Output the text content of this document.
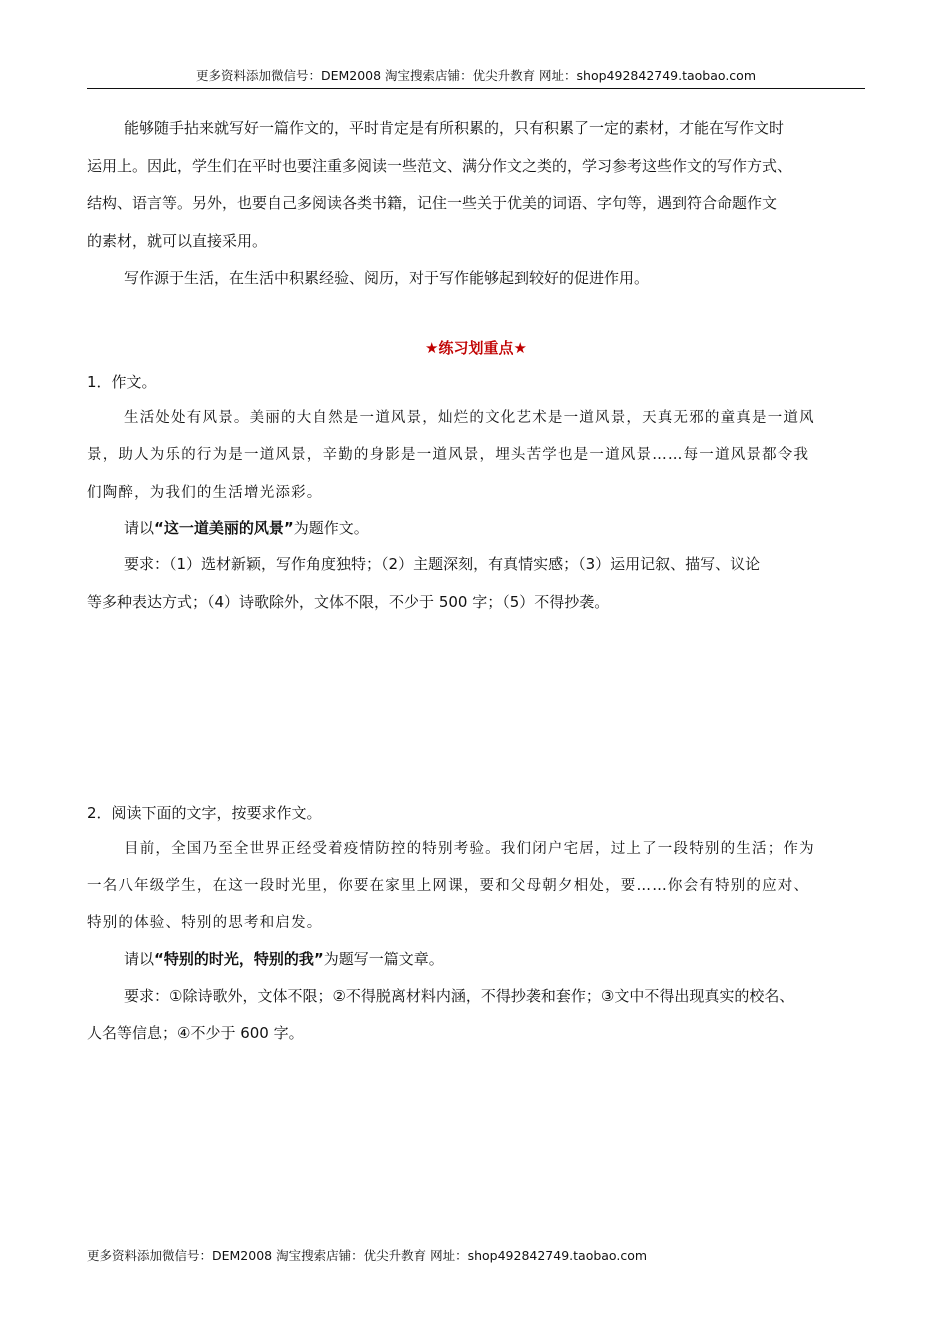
更多资料添加微信号：DEM2008 淘宝搜索店铺：优尖升教育 网址：shop492842749.taobao.com
能够随手拈来就写好一篇作文的，平时肯定是有所积累的，只有积累了一定的素材，才能在写作文时
运用上。因此，学生们在平时也要注重多阅读一些范文、满分作文之类的，学习参考这些作文的写作方式、
结构、语言等。另外，也要自己多阅读各类书籍，记住一些关于优美的词语、字句等，遇到符合命题作文
的素材，就可以直接采用。
写作源于生活，在生活中积累经验、阅历，对于写作能够起到较好的促进作用。
★练习划重点★
1．作文。
生活处处有风景。美丽的大自然是一道风景，灿烂的文化艺术是一道风景，天真无邪的童真是一道风
景，助人为乐的行为是一道风景，辛勤的身影是一道风景，埋头苦学也是一道风景……每一道风景都令我
们陶醉，为我们的生活增光添彩。
请以“这一道美丽的风景”为题作文。
要求：（1）选材新颖，写作角度独特；（2）主题深刻，有真情实感；（3）运用记叙、描写、议论
等多种表达方式；（4）诗歌除外，文体不限，不少于 500 字；（5）不得抄袭。
2．阅读下面的文字，按要求作文。
目前，全国乃至全世界正经受着疫情防控的特别考验。我们闭户宅居，过上了一段特别的生活；作为
一名八年级学生，在这一段时光里，你要在家里上网课，要和父母朝夕相处，要……你会有特别的应对、
特别的体验、特别的思考和启发。
请以“特别的时光，特别的我”为题写一篇文章。
要求：①除诗歌外，文体不限；②不得脱离材料内涵，不得抄袭和套作；③文中不得出现真实的校名、
人名等信息；④不少于 600 字。
更多资料添加微信号：DEM2008 淘宝搜索店铺：优尖升教育 网址：shop492842749.taobao.com
